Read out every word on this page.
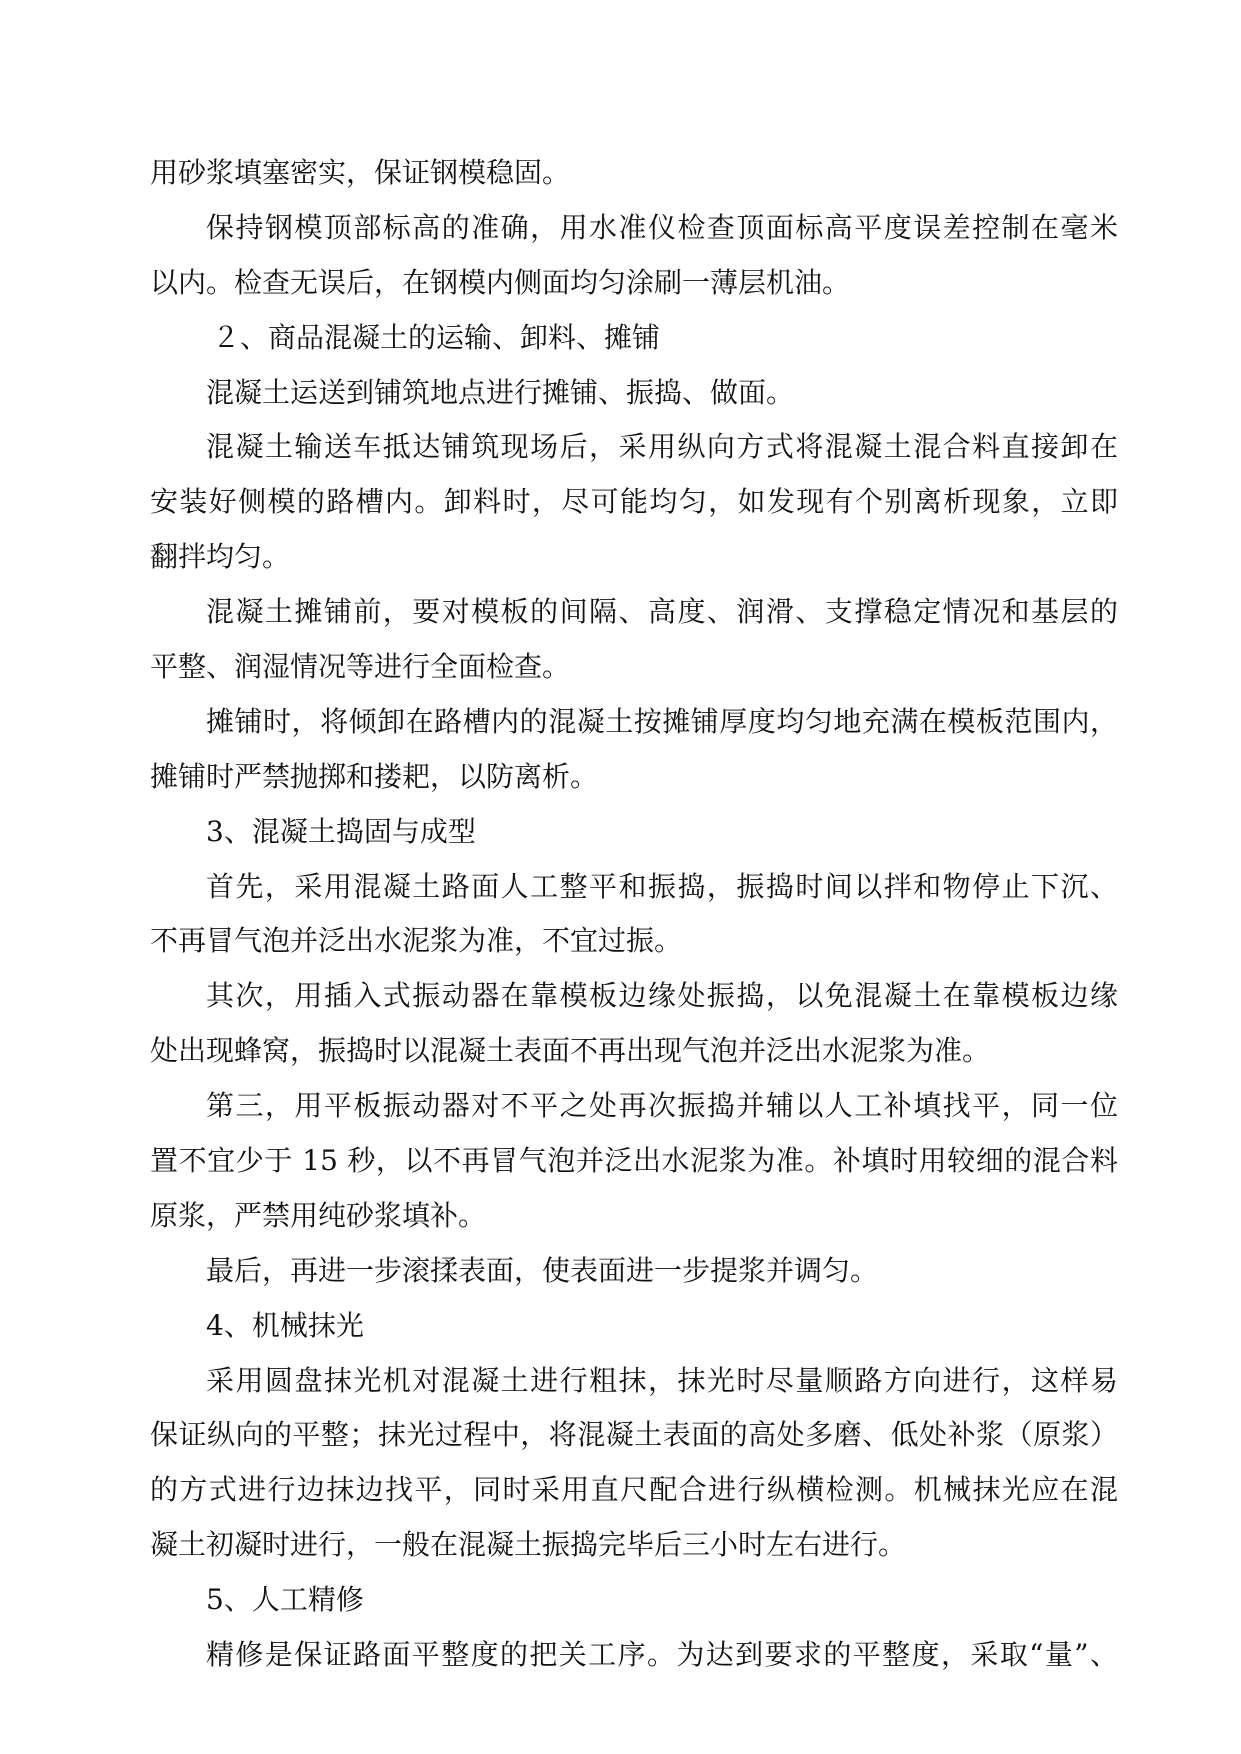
用砂浆填塞密实，保证钢模稳固。
保持钢模顶部标高的准确，用水准仪检查顶面标高平度误差控制在毫米
以内。检查无误后，在钢模内侧面均匀涂刷一薄层机油。
２、商品混凝土的运输、卸料、摊铺
混凝土运送到铺筑地点进行摊铺、振捣、做面。
混凝土输送车抵达铺筑现场后，采用纵向方式将混凝土混合料直接卸在
安装好侧模的路槽内。卸料时，尽可能均匀，如发现有个别离析现象，立即
翻拌均匀。
混凝土摊铺前，要对模板的间隔、高度、润滑、支撑稳定情况和基层的
平整、润湿情况等进行全面检查。
摊铺时，将倾卸在路槽内的混凝土按摊铺厚度均匀地充满在模板范围内，
摊铺时严禁抛掷和搂耙，以防离析。
3、混凝土捣固与成型
首先，采用混凝土路面人工整平和振捣，振捣时间以拌和物停止下沉、
不再冒气泡并泛出水泥浆为准，不宜过振。
其次，用插入式振动器在靠模板边缘处振捣，以免混凝土在靠模板边缘
处出现蜂窝，振捣时以混凝土表面不再出现气泡并泛出水泥浆为准。
第三，用平板振动器对不平之处再次振捣并辅以人工补填找平，同一位
置不宜少于 15 秒，以不再冒气泡并泛出水泥浆为准。补填时用较细的混合料
原浆，严禁用纯砂浆填补。
最后，再进一步滚揉表面，使表面进一步提浆并调匀。
4、机械抹光
采用圆盘抹光机对混凝土进行粗抹，抹光时尽量顺路方向进行，这样易
保证纵向的平整；抹光过程中，将混凝土表面的高处多磨、低处补浆（原浆）
的方式进行边抹边找平，同时采用直尺配合进行纵横检测。机械抹光应在混
凝土初凝时进行，一般在混凝土振捣完毕后三小时左右进行。
5、人工精修
精修是保证路面平整度的把关工序。为达到要求的平整度，采取“量”、
